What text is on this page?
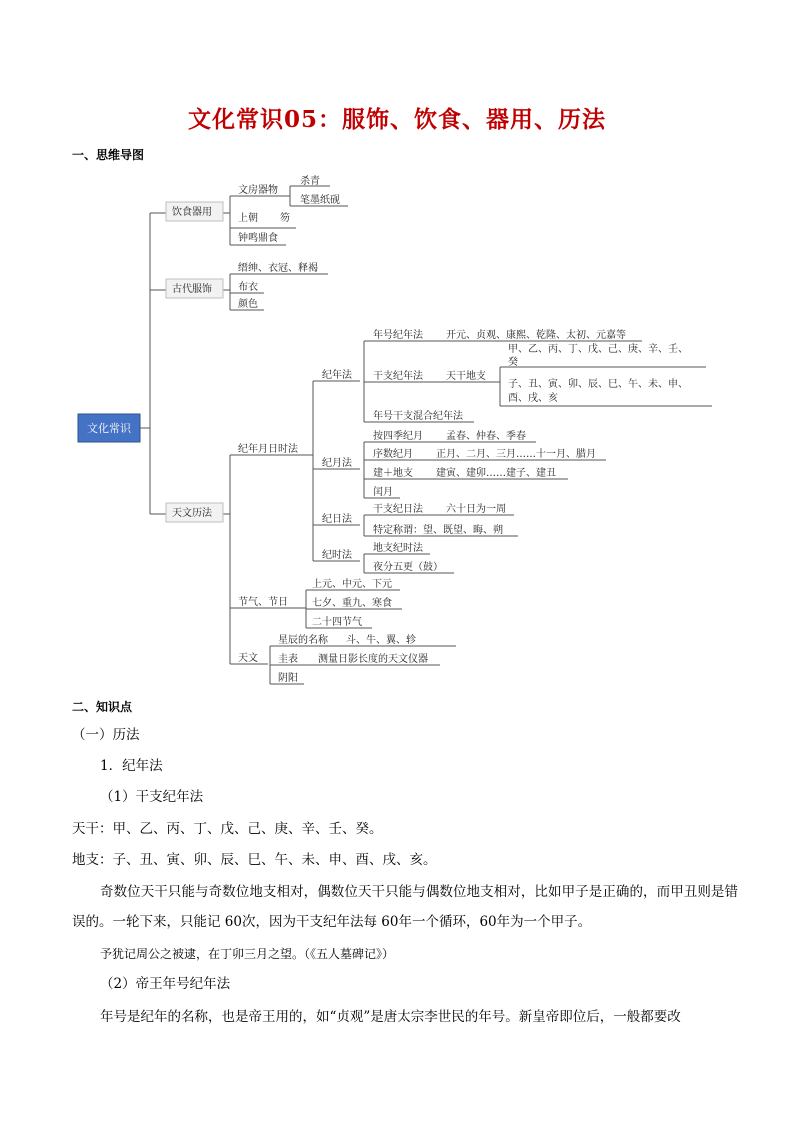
文化常识05：服饰、饮食、器用、历法
一、思维导图
文化常识
饮食器用
古代服饰
天文历法
文房器物
杀青
笔墨纸砚
上朝 笏
钟鸣鼎食
缙绅、衣冠、释褐
布衣
颜色
纪年月日时法
纪年法
年号纪年法 开元、贞观、康熙、乾隆、太初、元嘉等
干支纪年法 天干地支
甲、乙、丙、丁、戊、己、庚、辛、壬、
癸
子、丑、寅、卯、辰、巳、午、未、申、
酉、戌、亥
年号干支混合纪年法
纪月法
按四季纪月 孟春、仲春、季春
序数纪月 正月、二月、三月……十一月、腊月
建＋地支 建寅、建卯……建子、建丑
闰月
纪日法
干支纪日法 六十日为一周
特定称谓：望、既望、晦、朔
纪时法
地支纪时法
夜分五更（鼓）
节气、节日
上元、中元、下元
七夕、重九、寒食
二十四节气
天文
星辰的名称 斗、牛、翼、轸
圭表 测量日影长度的天文仪器
阴阳
二、知识点
（一）历法
1．纪年法
（1）干支纪年法
天干：甲、乙、丙、丁、戊、己、庚、辛、壬、癸。
地支：子、丑、寅、卯、辰、巳、午、未、申、酉、戌、亥。
奇数位天干只能与奇数位地支相对，偶数位天干只能与偶数位地支相对，比如甲子是正确的，而甲丑则是错误的。一轮下来，只能记 60次，因为干支纪年法每 60年一个循环，60年为一个甲子。
予犹记周公之被逮，在丁卯三月之望。（《五人墓碑记》）
（2）帝王年号纪年法
年号是纪年的名称，也是帝王用的，如“贞观”是唐太宗李世民的年号。新皇帝即位后，一般都要改
